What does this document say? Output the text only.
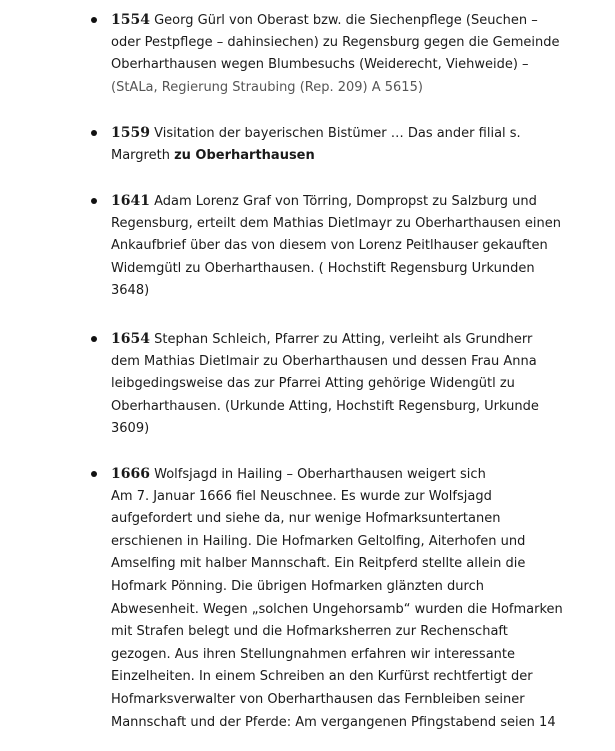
1554 Georg Gürl von Oberast bzw. die Siechenpflege (Seuchen –
oder Pestpflege – dahinsiechen) zu Regensburg gegen die Gemeinde
Oberharthausen wegen Blumbesuchs (Weiderecht, Viehweide) –
(StALa, Regierung Straubing (Rep. 209) A 5615)
1559 Visitation der bayerischen Bistümer … Das ander filial s.
Margreth zu Oberharthausen
1641 Adam Lorenz Graf von Törring, Dompropst zu Salzburg und
Regensburg, erteilt dem Mathias Dietlmayr zu Oberharthausen einen
Ankaufbrief über das von diesem von Lorenz Peitlhauser gekauften
Widemgütl zu Oberharthausen. ( Hochstift Regensburg Urkunden
3648)
1654 Stephan Schleich, Pfarrer zu Atting, verleiht als Grundherr
dem Mathias Dietlmair zu Oberharthausen und dessen Frau Anna
leibgedingsweise das zur Pfarrei Atting gehörige Widengütl zu
Oberharthausen. (Urkunde Atting, Hochstift Regensburg, Urkunde
3609)
1666 Wolfsjagd in Hailing – Oberharthausen weigert sich
Am 7. Januar 1666 fiel Neuschnee. Es wurde zur Wolfsjagd
aufgefordert und siehe da, nur wenige Hofmarksuntertanen
erschienen in Hailing. Die Hofmarken Geltolfing, Aiterhofen und
Amselfing mit halber Mannschaft. Ein Reitpferd stellte allein die
Hofmark Pönning. Die übrigen Hofmarken glänzten durch
Abwesenheit. Wegen „solchen Ungehorsamb“ wurden die Hofmarken
mit Strafen belegt und die Hofmarksherren zur Rechenschaft
gezogen. Aus ihren Stellungnahmen erfahren wir interessante
Einzelheiten. In einem Schreiben an den Kurfürst rechtfertigt der
Hofmarksverwalter von Oberharthausen das Fernbleiben seiner
Mannschaft und der Pferde: Am vergangenen Pfingstabend seien 14
